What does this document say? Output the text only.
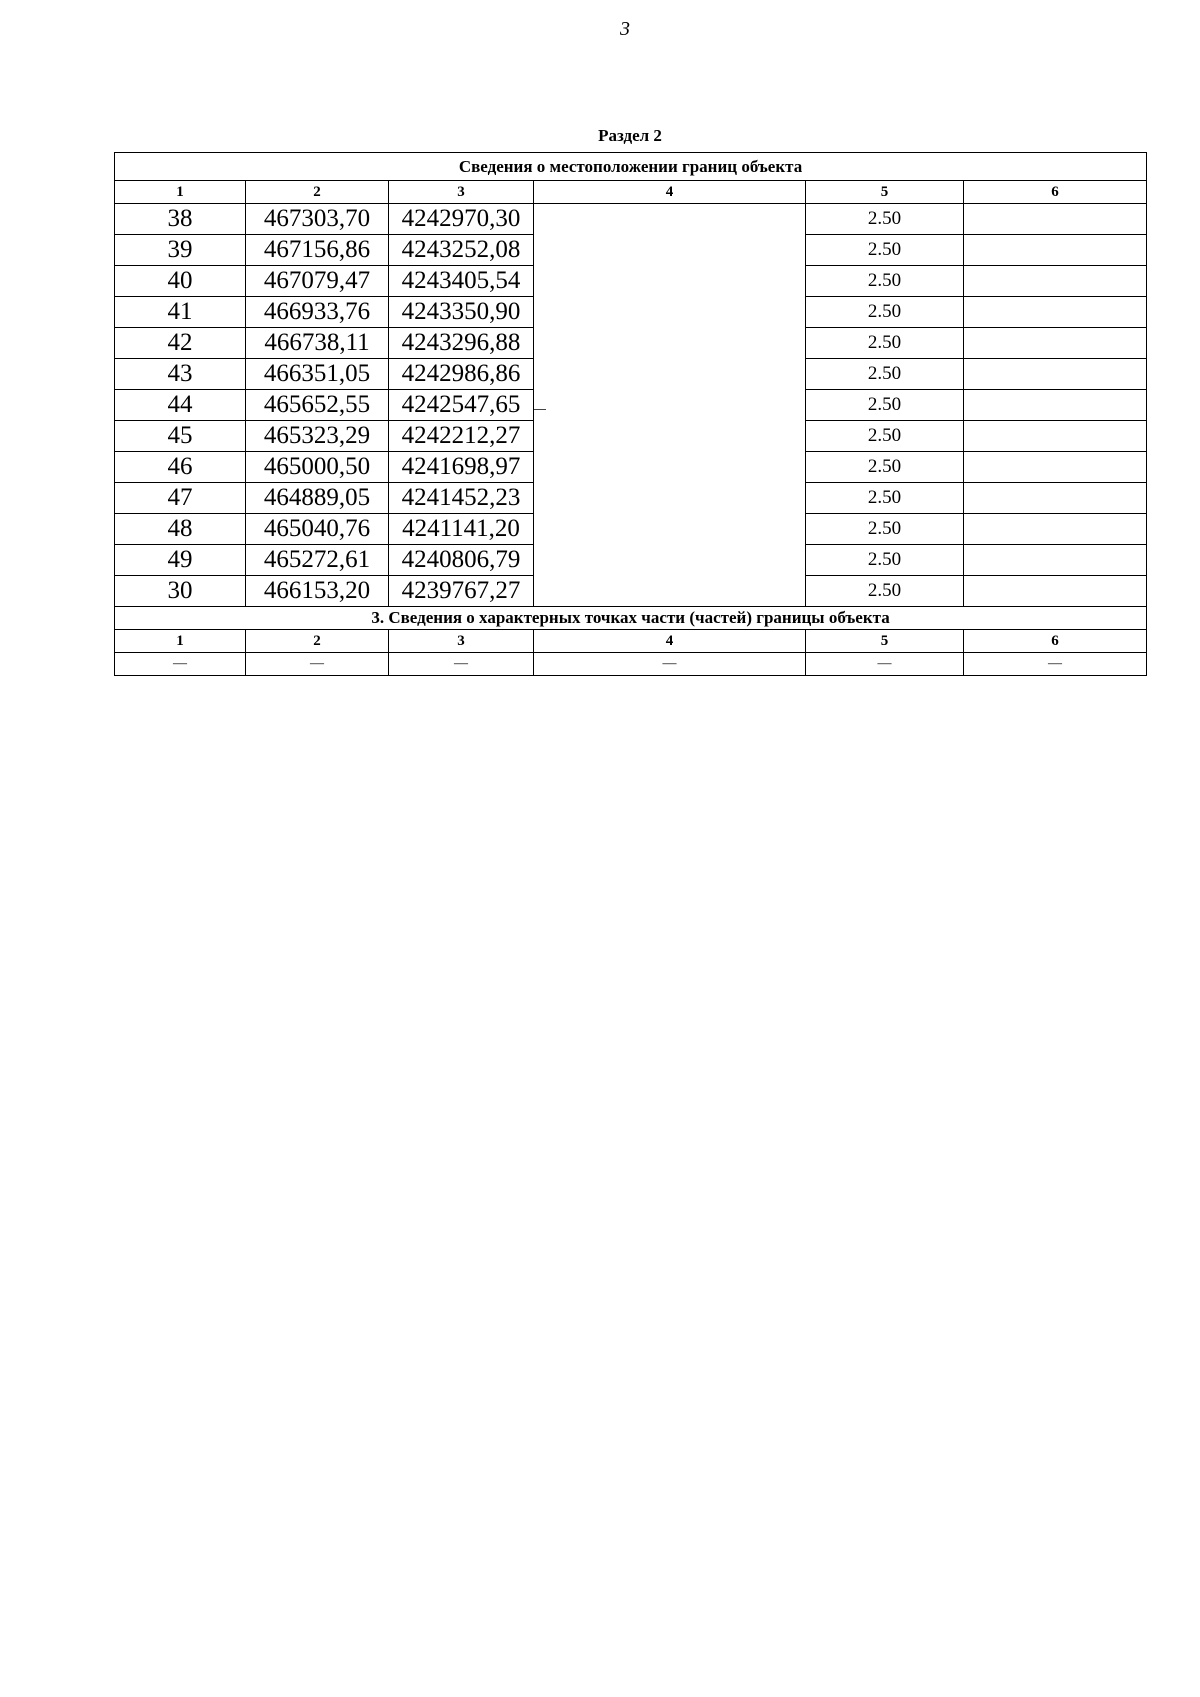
3
Раздел 2
Сведения о местоположении границ объекта					
1	2	3	4	5	6
38	467303,70	4242970,30		2.50	
39	467156,86	4243252,08		2.50	
40	467079,47	4243405,54		2.50	
41	466933,76	4243350,90		2.50	
42	466738,11	4243296,88		2.50	
43	466351,05	4242986,86		2.50	
44	465652,55	4242547,65		2.50	
45	465323,29	4242212,27		2.50	
46	465000,50	4241698,97		2.50	
47	464889,05	4241452,23		2.50	
48	465040,76	4241141,20		2.50	
49	465272,61	4240806,79		2.50	
30	466153,20	4239767,27		2.50	
3. Сведения о характерных точках части (частей) границы объекта					
1	2	3	4	5	6
—	—	—	—	—	—
